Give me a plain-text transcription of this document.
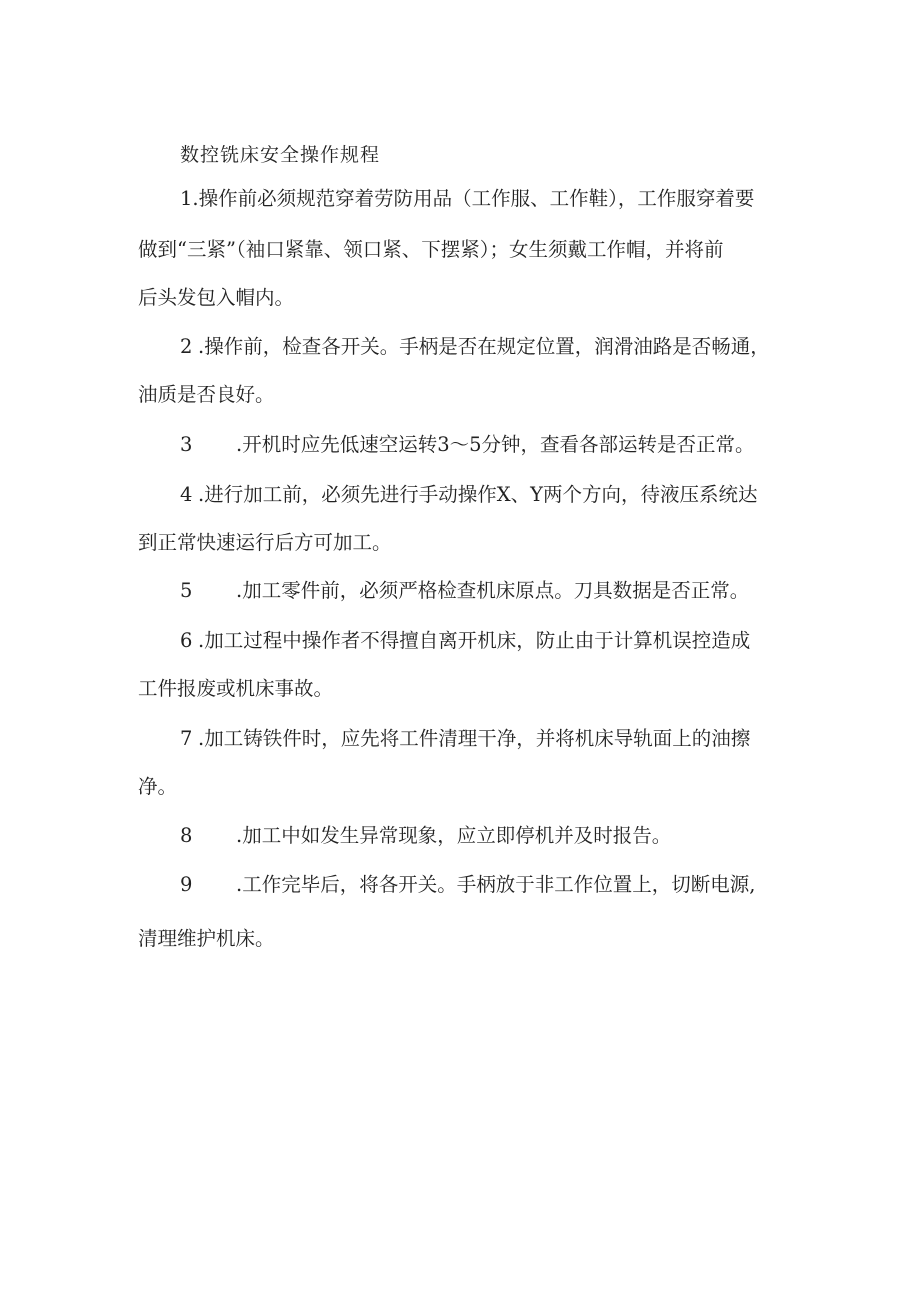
数控铣床安全操作规程
1.操作前必须规范穿着劳防用品（工作服、工作鞋），工作服穿着要
做到“三紧”（袖口紧靠、领口紧、下摆紧）；女生须戴工作帽，并将前
后头发包入帽内。
2 .操作前，检查各开关。手柄是否在规定位置，润滑油路是否畅通，
油质是否良好。
3 .开机时应先低速空运转3～5分钟，查看各部运转是否正常。
4 .进行加工前，必须先进行手动操作X、Y两个方向，待液压系统达
到正常快速运行后方可加工。
5 .加工零件前，必须严格检查机床原点。刀具数据是否正常。
6 .加工过程中操作者不得擅自离开机床，防止由于计算机误控造成
工件报废或机床事故。
7 .加工铸铁件时，应先将工件清理干净，并将机床导轨面上的油擦
净。
8 .加工中如发生异常现象，应立即停机并及时报告。
9 .工作完毕后，将各开关。手柄放于非工作位置上，切断电源,
清理维护机床。
